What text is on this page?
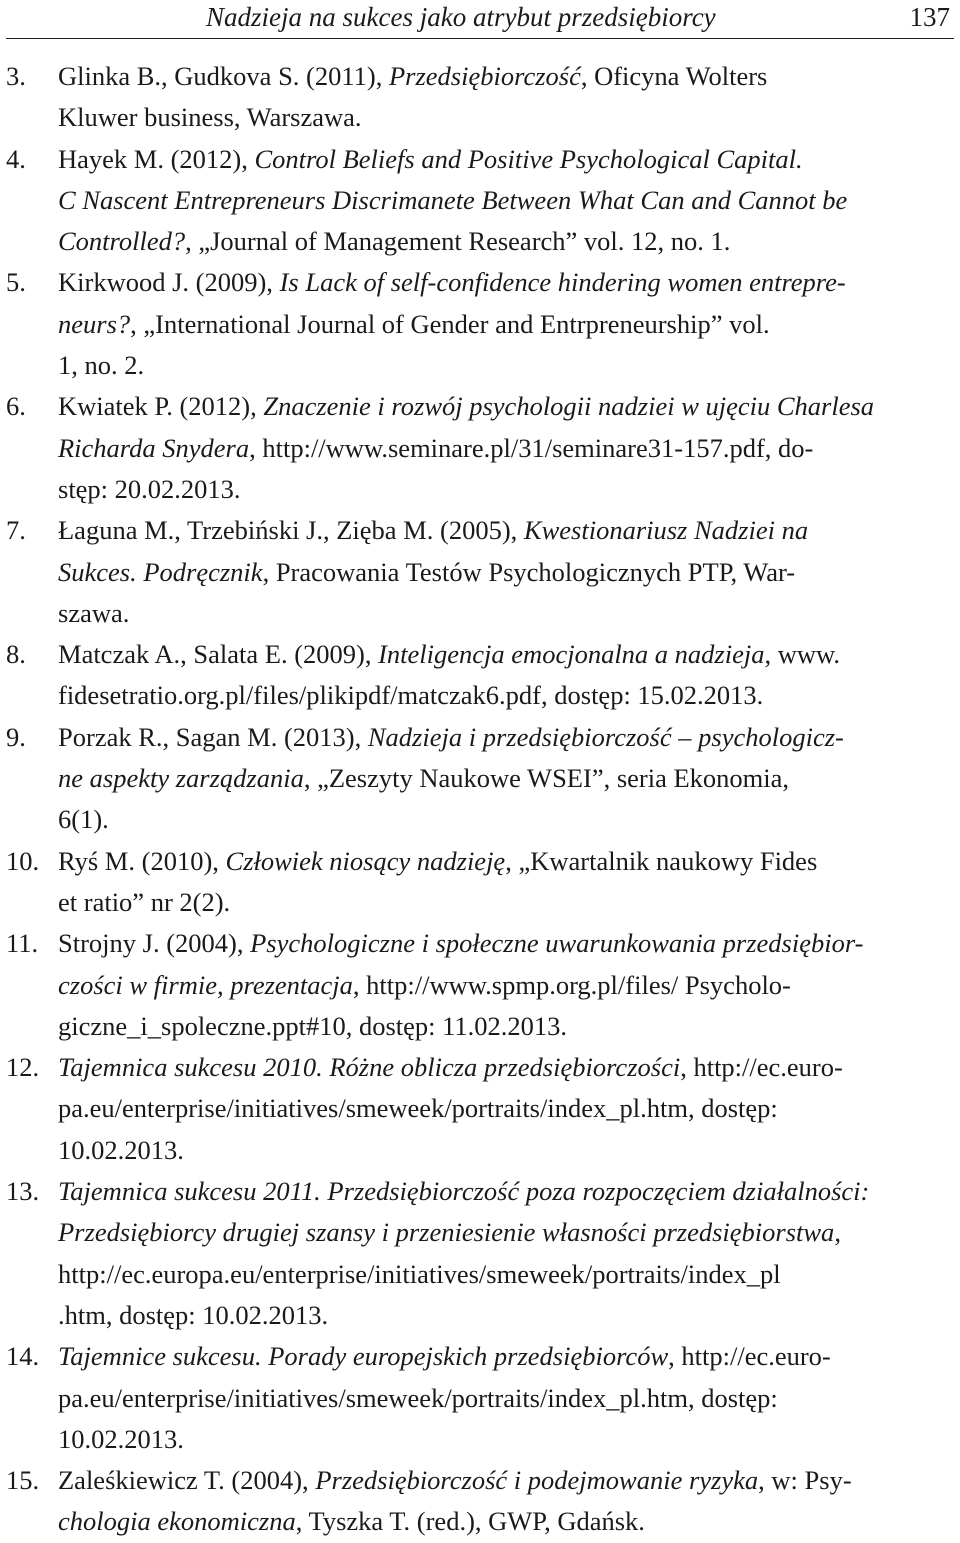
Nadzieja na sukces jako atrybut przedsiębiorcy	137
3.	Glinka B., Gudkova S. (2011), Przedsiębiorczość, Oficyna Wolters
Kluwer business, Warszawa.
4.	Hayek M. (2012), Control Beliefs and Positive Psychological Capital.
C Nascent Entrepreneurs Discrimanete Between What Can and Cannot be
Controlled?, „Journal of Management Research” vol. 12, no. 1.
5.	Kirkwood J. (2009), Is Lack of self-confidence hindering women entrepre-
neurs?, „International Journal of Gender and Entrpreneurship” vol.
1, no. 2.
6.	Kwiatek P. (2012), Znaczenie i rozwój psychologii nadziei w ujęciu Charlesa
Richarda Snydera, http://www.seminare.pl/31/seminare31-157.pdf, do-
stęp: 20.02.2013.
7.	Łaguna M., Trzebiński J., Zięba M. (2005), Kwestionariusz Nadziei na
Sukces. Podręcznik, Pracowania Testów Psychologicznych PTP, War-
szawa.
8.	Matczak A., Salata E. (2009), Inteligencja emocjonalna a nadzieja, www.
fidesetratio.org.pl/files/plikipdf/matczak6.pdf, dostęp: 15.02.2013.
9.	Porzak R., Sagan M. (2013), Nadzieja i przedsiębiorczość – psychologicz-
ne aspekty zarządzania, „Zeszyty Naukowe WSEI”, seria Ekonomia,
6(1).
10. Ryś M. (2010), Człowiek niosący nadzieję, „Kwartalnik naukowy Fides
et ratio” nr 2(2).
11. Strojny J. (2004), Psychologiczne i społeczne uwarunkowania przedsiębior-
czości w firmie, prezentacja, http://www.spmp.org.pl/files/ Psycholo-
giczne_i_spoleczne.ppt#10, dostęp: 11.02.2013.
12. Tajemnica sukcesu 2010. Różne oblicza przedsiębiorczości, http://ec.euro-
pa.eu/enterprise/initiatives/smeweek/portraits/index_pl.htm, dostęp:
10.02.2013.
13. Tajemnica sukcesu 2011. Przedsiębiorczość poza rozpoczęciem działalności:
Przedsiębiorcy drugiej szansy i przeniesienie własności przedsiębiorstwa,
http://ec.europa.eu/enterprise/initiatives/smeweek/portraits/index_pl
.htm, dostęp: 10.02.2013.
14. Tajemnice sukcesu. Porady europejskich przedsiębiorców, http://ec.euro-
pa.eu/enterprise/initiatives/smeweek/portraits/index_pl.htm, dostęp:
10.02.2013.
15. Zaleśkiewicz T. (2004), Przedsiębiorczość i podejmowanie ryzyka, w: Psy-
chologia ekonomiczna, Tyszka T. (red.), GWP, Gdańsk.
